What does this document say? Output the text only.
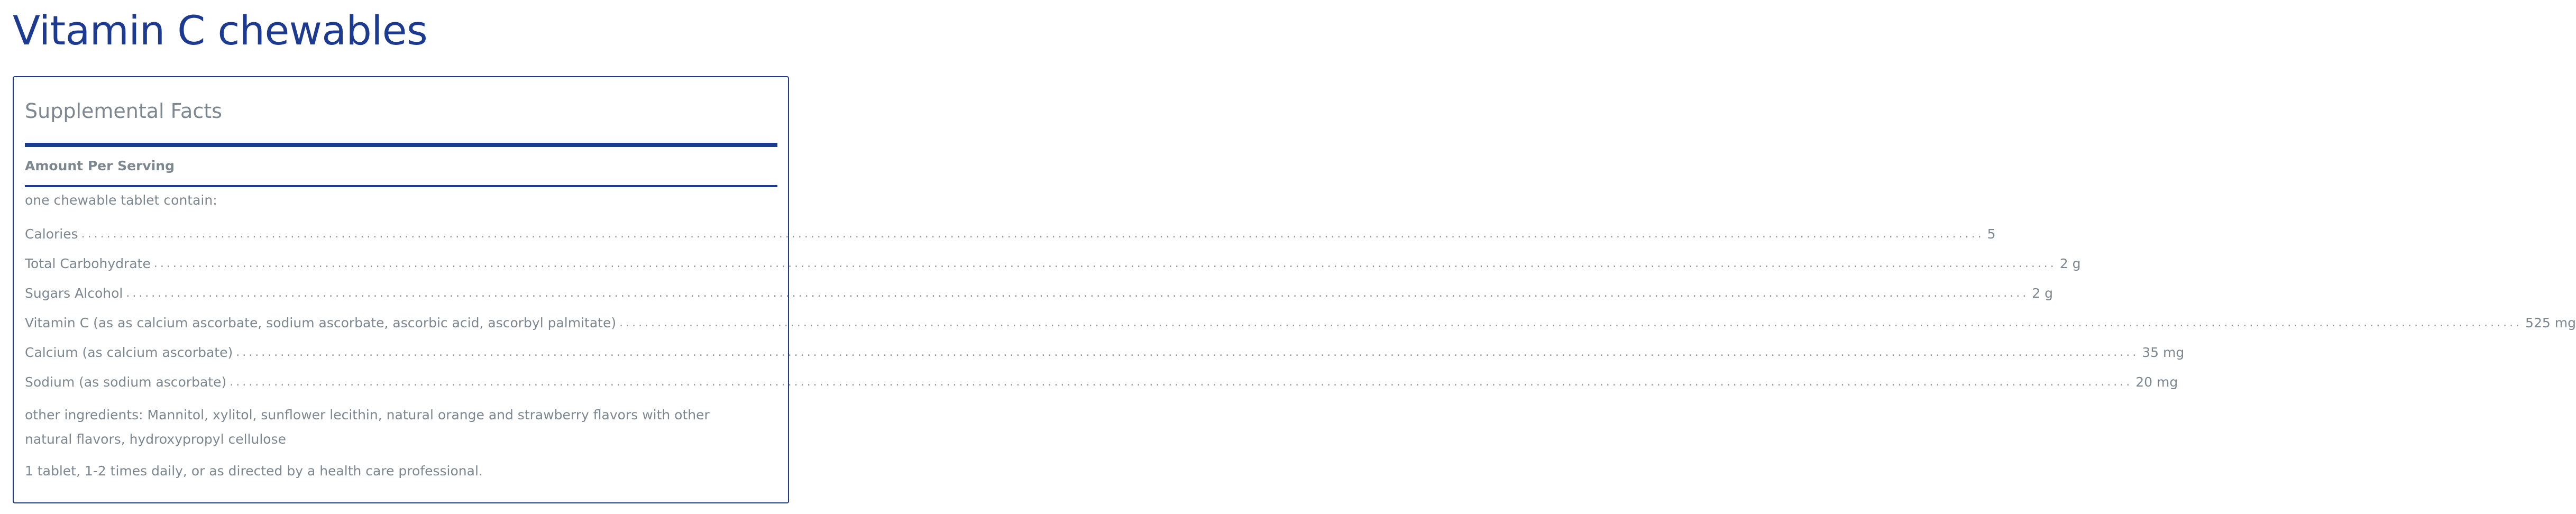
Vitamin C chewables
Supplemental Facts
Amount Per Serving
one chewable tablet contain:
Calories ............................................................................................................................................................................................................................................................................................................ 5
Total Carbohydrate ............................................................................................................................................................................................................................................................................................................ 2 g
Sugars Alcohol ............................................................................................................................................................................................................................................................................................................ 2 g
Vitamin C (as as calcium ascorbate, sodium ascorbate, ascorbic acid, ascorbyl palmitate) ............................................................................................................................................................................................................................................................................................................ 525 mg
Calcium (as calcium ascorbate) ............................................................................................................................................................................................................................................................................................................ 35 mg
Sodium (as sodium ascorbate) ............................................................................................................................................................................................................................................................................................................ 20 mg

other ingredients: Mannitol, xylitol, sunflower lecithin, natural orange and strawberry flavors with other natural flavors, hydroxypropyl cellulose

1 tablet, 1-2 times daily, or as directed by a health care professional.
